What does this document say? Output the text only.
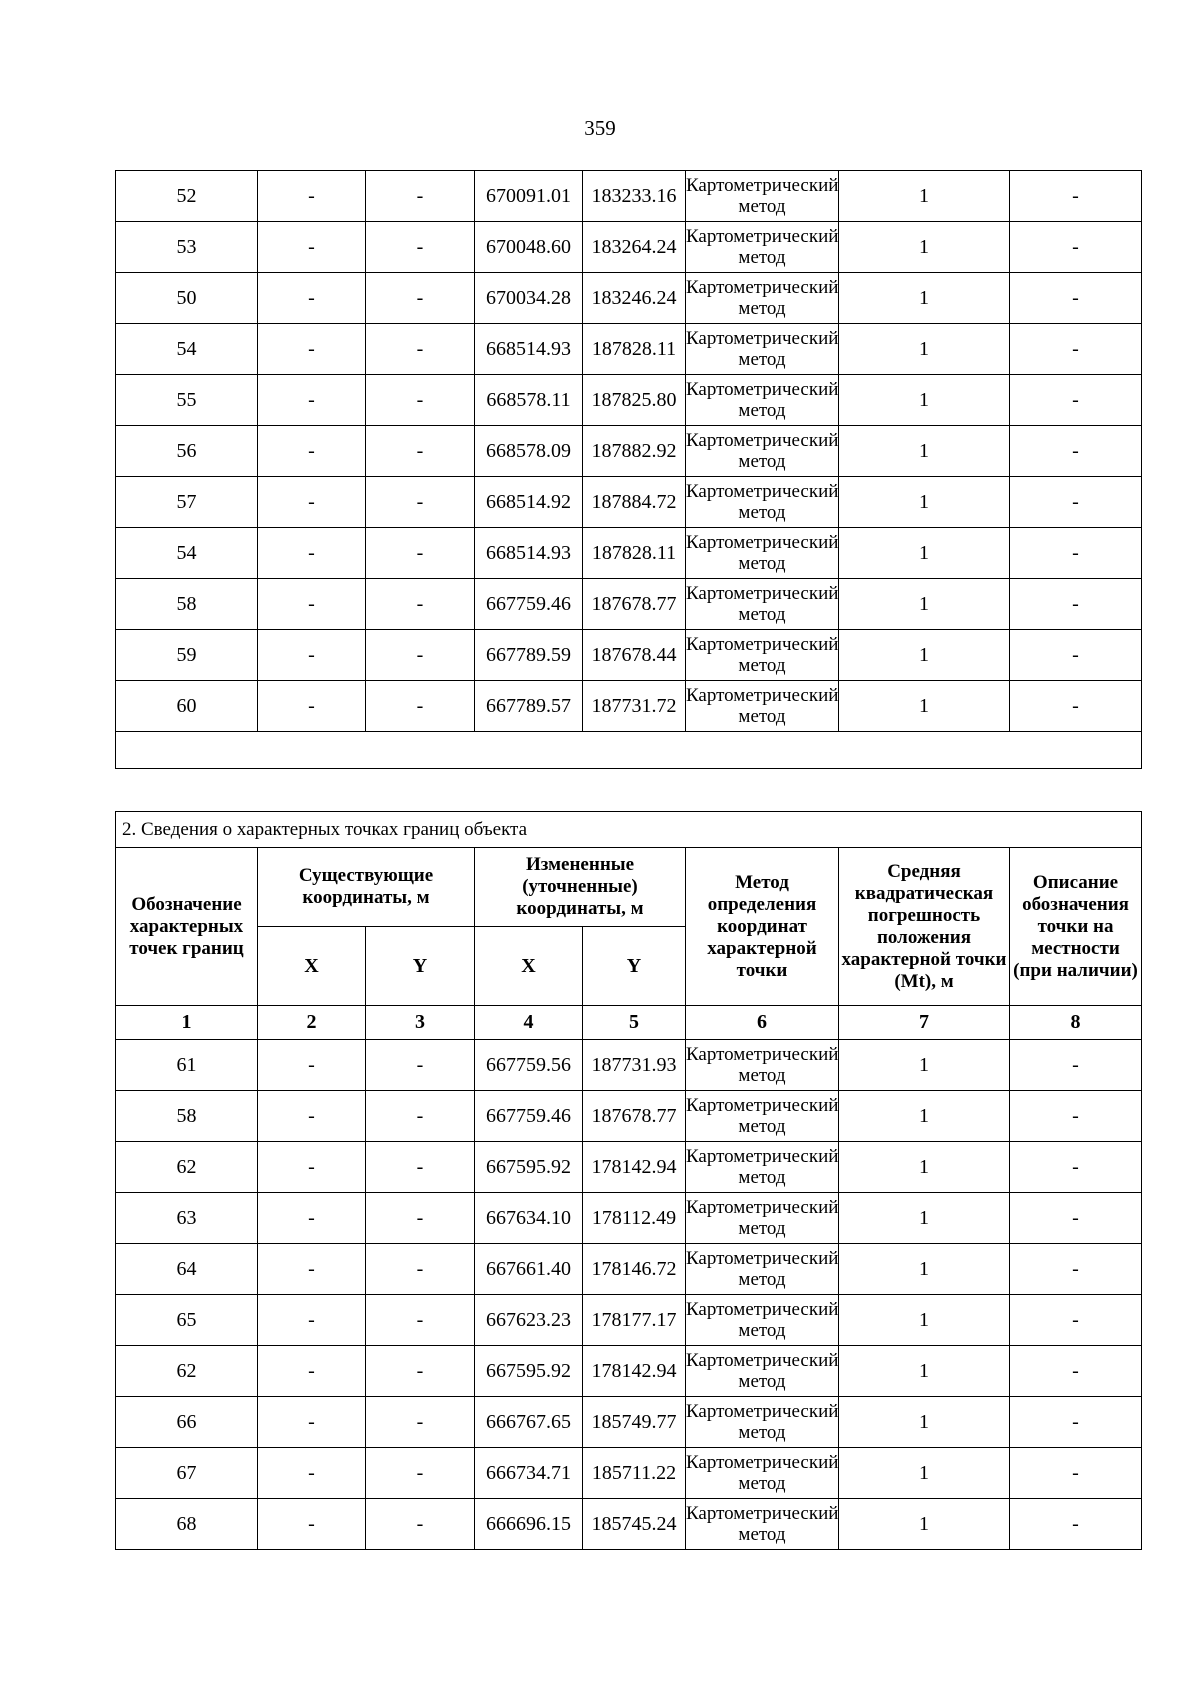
359
52	-	-	670091.01	183233.16	Картометрический метод	1	-
53	-	-	670048.60	183264.24	Картометрический метод	1	-
50	-	-	670034.28	183246.24	Картометрический метод	1	-
54	-	-	668514.93	187828.11	Картометрический метод	1	-
55	-	-	668578.11	187825.80	Картометрический метод	1	-
56	-	-	668578.09	187882.92	Картометрический метод	1	-
57	-	-	668514.92	187884.72	Картометрический метод	1	-
54	-	-	668514.93	187828.11	Картометрический метод	1	-
58	-	-	667759.46	187678.77	Картометрический метод	1	-
59	-	-	667789.59	187678.44	Картометрический метод	1	-
60	-	-	667789.57	187731.72	Картометрический метод	1	-

2. Сведения о характерных точках границ объекта							
Обозначение характерных точек границ	Существующие координаты, м		Измененные (уточненные) координаты, м		Метод определения координат характерной точки	Средняя квадратическая погрешность положения характерной точки (Mt), м	Описание обозначения точки на местности (при наличии)
	X	Y	X	Y			
1	2	3	4	5	6	7	8
61	-	-	667759.56	187731.93	Картометрический метод	1	-
58	-	-	667759.46	187678.77	Картометрический метод	1	-
62	-	-	667595.92	178142.94	Картометрический метод	1	-
63	-	-	667634.10	178112.49	Картометрический метод	1	-
64	-	-	667661.40	178146.72	Картометрический метод	1	-
65	-	-	667623.23	178177.17	Картометрический метод	1	-
62	-	-	667595.92	178142.94	Картометрический метод	1	-
66	-	-	666767.65	185749.77	Картометрический метод	1	-
67	-	-	666734.71	185711.22	Картометрический метод	1	-
68	-	-	666696.15	185745.24	Картометрический метод	1	-
